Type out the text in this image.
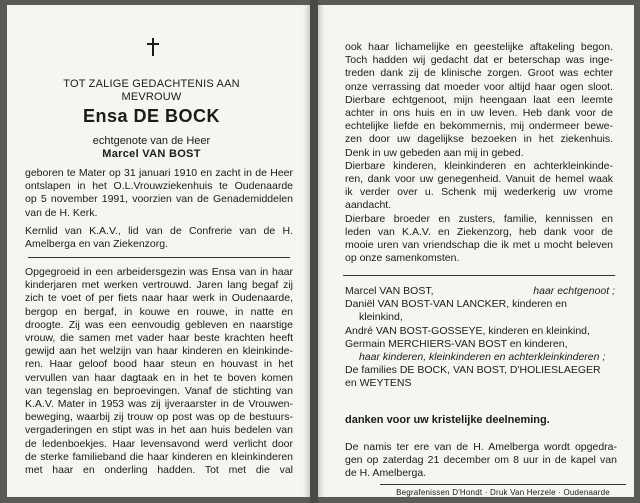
TOT ZALIGE GEDACHTENIS AAN
MEVROUW
Ensa DE BOCK
echtgenote van de Heer
Marcel VAN BOST
geboren te Mater op 31 januari 1910 en zacht in de Heer
ontslapen in het O.L.Vrouwziekenhuis te Oudenaarde
op 5 november 1991, voorzien van de Genademiddelen
van de H. Kerk.
Kernlid van K.A.V., lid van de Confrerie van de H.
Amelberga en van Ziekenzorg.
Opgegroeid in een arbeidersgezin was Ensa van in haar
kinderjaren met werken vertrouwd. Jaren lang begaf zij
zich te voet of per fiets naar haar werk in Oudenaarde,
bergop en bergaf, in kouwe en rouwe, in natte en
droogte. Zij was een eenvoudig gebleven en naarstige
vrouw, die samen met vader haar beste krachten heeft
gewijd aan het welzijn van haar kinderen en kleinkinde-
ren. Haar geloof bood haar steun en houvast in het
vervullen van haar dagtaak en in het te boven komen
van tegenslag en beproevingen. Vanaf de stichting van
K.A.V. Mater in 1953 was zij ijveraarster in de Vrouwen-
beweging, waarbij zij trouw op post was op de bestuurs-
vergaderingen en stipt was in het aan huis bedelen van
de ledenboekjes. Haar levensavond werd verlicht door
de sterke familieband die haar kinderen en kleinkinderen
met haar en onderling hadden. Tot met die val
ook haar lichamelijke en geestelijke aftakeling begon.
Toch hadden wij gedacht dat er beterschap was inge-
treden dank zij de klinische zorgen. Groot was echter
onze verrassing dat moeder voor altijd haar ogen sloot.
Dierbare echtgenoot, mijn heengaan laat een leemte
achter in ons huis en in uw leven. Heb dank voor de
echtelijke liefde en bekommernis, mij ondermeer bewe-
zen door uw dagelijkse bezoeken in het ziekenhuis.
Denk in uw gebeden aan mij in gebed.
Dierbare kinderen, kleinkinderen en achterkleinkinde-
ren, dank voor uw genegenheid. Vanuit de hemel waak
ik verder over u. Schenk mij wederkerig uw vrome
aandacht.
Dierbare broeder en zusters, familie, kennissen en
leden van K.A.V. en Ziekenzorg, heb dank voor de
mooie uren van vriendschap die ik met u mocht beleven
op onze samenkomsten.
Marcel VAN BOST,	haar echtgenoot ;
Daniël VAN BOST-VAN LANCKER, kinderen en
kleinkind,
André VAN BOST-GOSSEYE, kinderen en kleinkind,
Germain MERCHIERS-VAN BOST en kinderen,
haar kinderen, kleinkinderen en achterkleinkinderen ;
De families DE BOCK, VAN BOST, D'HOLIESLAEGER
en WEYTENS
danken voor uw kristelijke deelneming.
De namis ter ere van de H. Amelberga wordt opgedra-
gen op zaterdag 21 december om 8 uur in de kapel van
de H. Amelberga.
Begrafenissen D'Hondt · Druk Van Herzele · Oudenaarde
